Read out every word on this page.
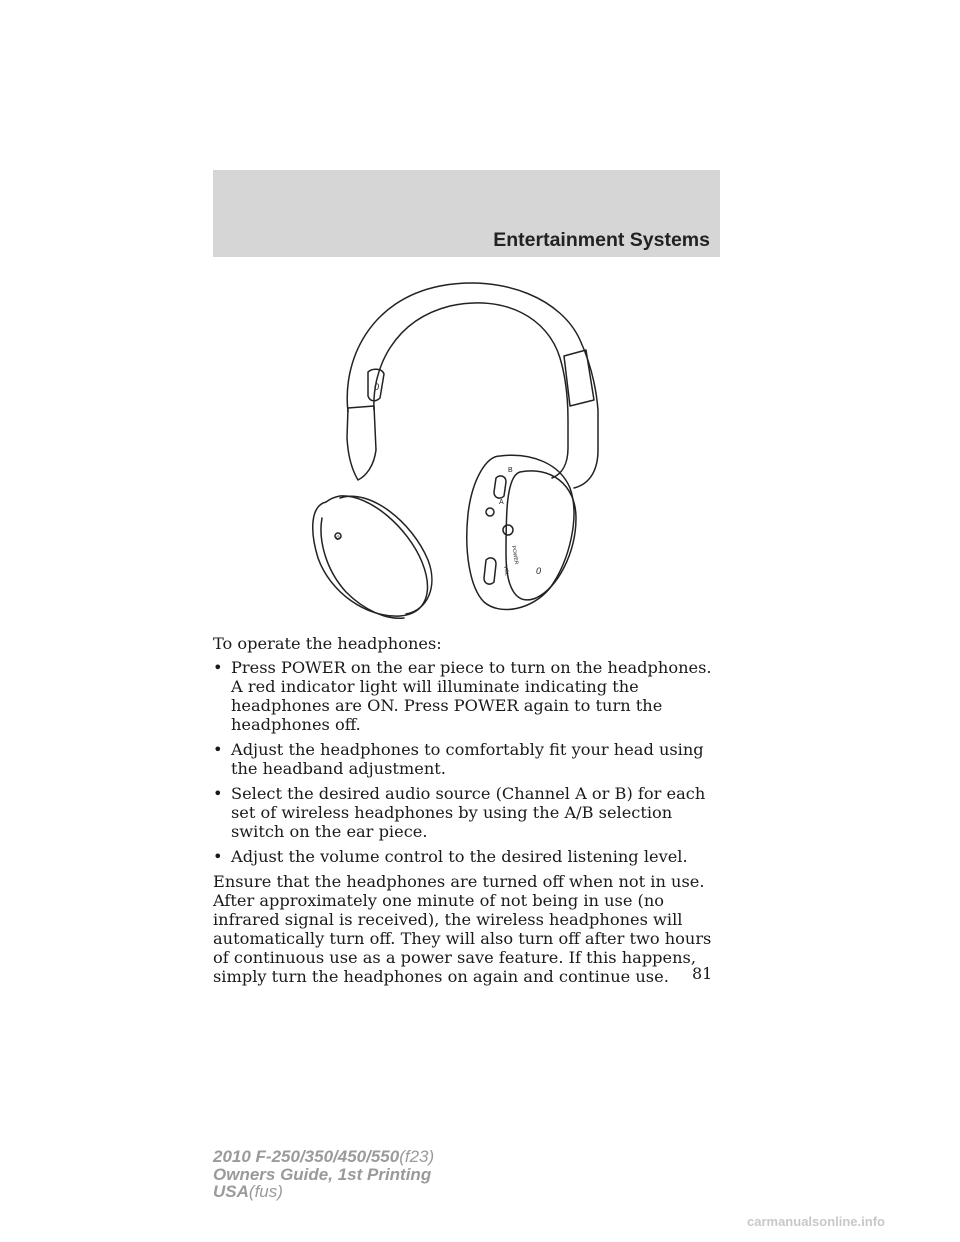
Entertainment Systems
B
A
POWER
VOL
0
0
0

To operate the headphones:

• Press POWER on the ear piece to turn on the headphones. A red indicator light will illuminate indicating the headphones are ON. Press POWER again to turn the headphones off.
• Adjust the headphones to comfortably fit your head using the headband adjustment.
• Select the desired audio source (Channel A or B) for each set of wireless headphones by using the A/B selection switch on the ear piece.
• Adjust the volume control to the desired listening level.

Ensure that the headphones are turned off when not in use. After approximately one minute of not being in use (no infrared signal is received), the wireless headphones will automatically turn off. They will also turn off after two hours of continuous use as a power save feature. If this happens, simply turn the headphones on again and continue use.	81
2010 F-250/350/450/550(f23)
Owners Guide, 1st Printing
USA(fus)
carmanualsonline.info
